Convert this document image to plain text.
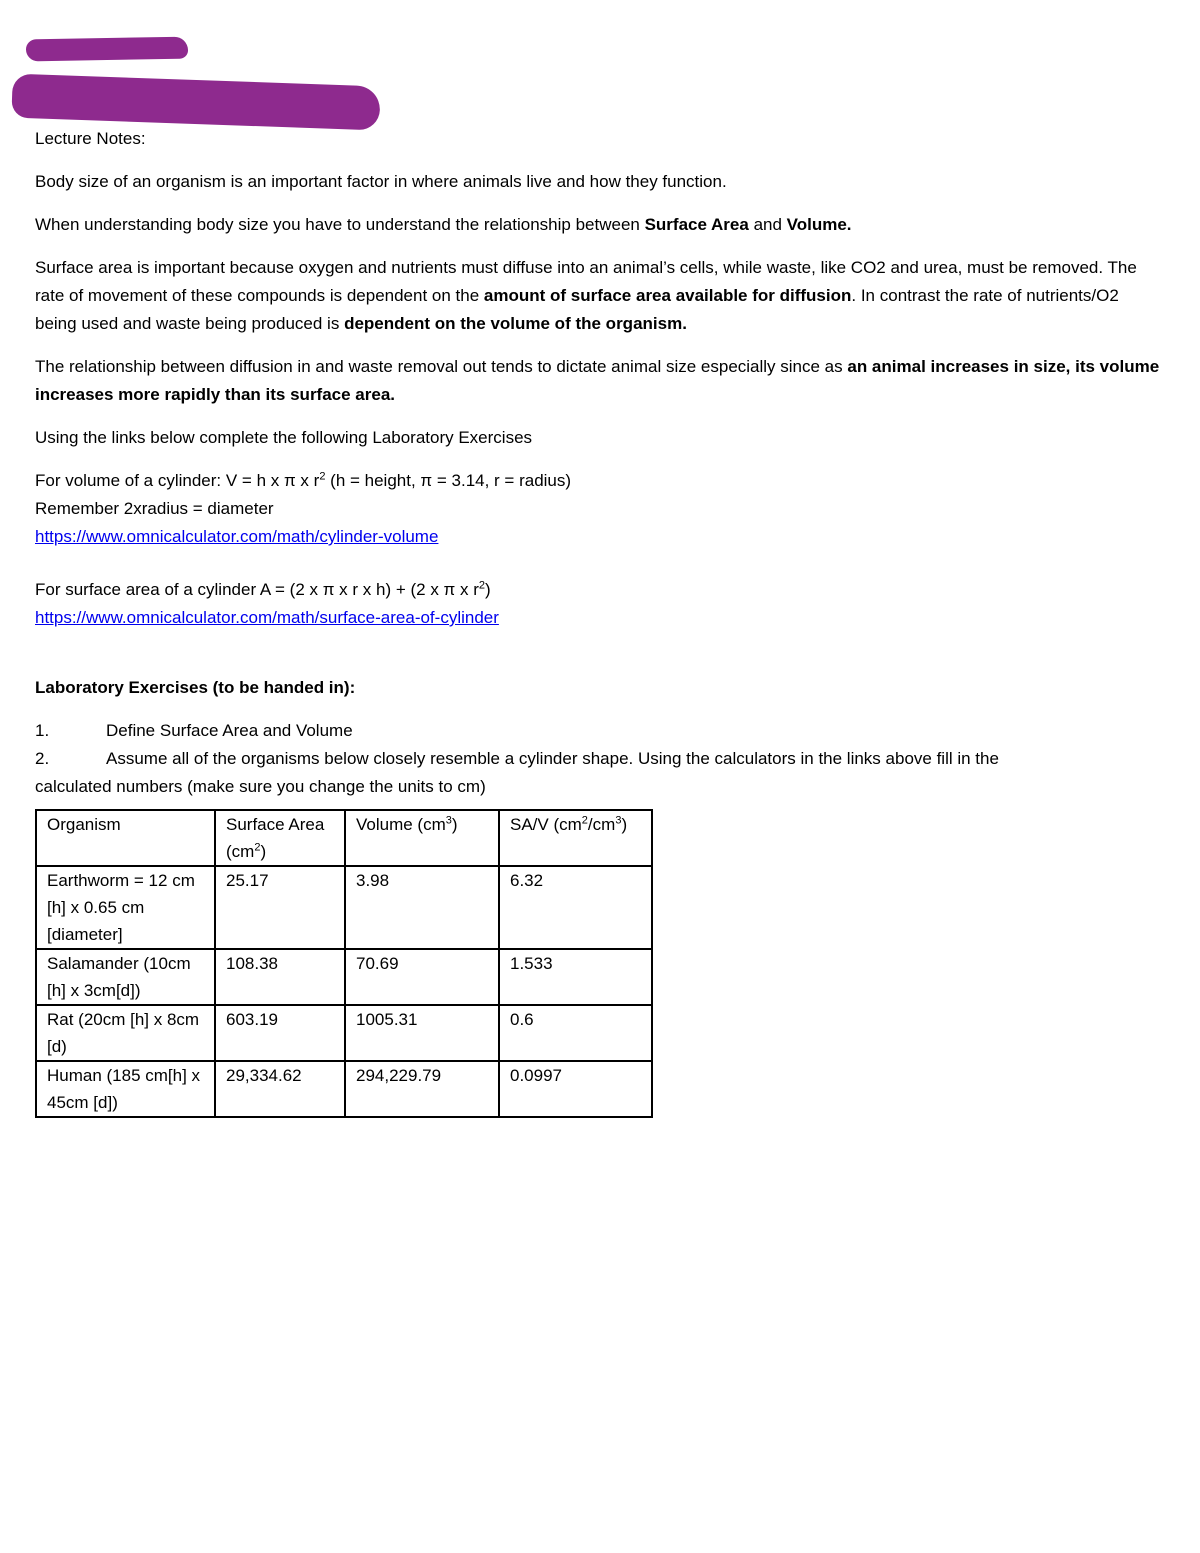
Lecture Notes:

Body size of an organism is an important factor in where animals live and how they function.

When understanding body size you have to understand the relationship between Surface Area and Volume.

Surface area is important because oxygen and nutrients must diffuse into an animal’s cells, while waste, like CO2 and urea, must be removed. The rate of movement of these compounds is dependent on the amount of surface area available for diffusion. In contrast the rate of nutrients/O2 being used and waste being produced is dependent on the volume of the organism.

The relationship between diffusion in and waste removal out tends to dictate animal size especially since as an animal increases in size, its volume increases more rapidly than its surface area.

Using the links below complete the following Laboratory Exercises

For volume of a cylinder: V = h x π x $r^2$ (h = height, π = 3.14, r = radius)

Remember 2xradius = diameter

https://www.omnicalculator.com/math/cylinder-volume

For surface area of a cylinder A = (2 x π x r x h) + (2 x π x $r^2$)

https://www.omnicalculator.com/math/surface-area-of-cylinder

Laboratory Exercises (to be handed in):

1.	Define Surface Area and Volume
2.	Assume all of the organisms below closely resemble a cylinder shape. Using the calculators in the links above fill in the

calculated numbers (make sure you change the units to cm)

Organism	Surface Area $(cm^2)$	Volume $(cm^3)$	SA/V $(cm^2/cm^3)$
Earthworm = 12 cm [h] x 0.65 cm [diameter]	25.17	3.98	6.32
Salamander (10cm [h] x 3cm[d])	108.38	70.69	1.533
Rat (20cm [h] x 8cm [d)	603.19	1005.31	0.6
Human (185 cm[h] x 45cm [d])	29,334.62	294,229.79	0.0997
